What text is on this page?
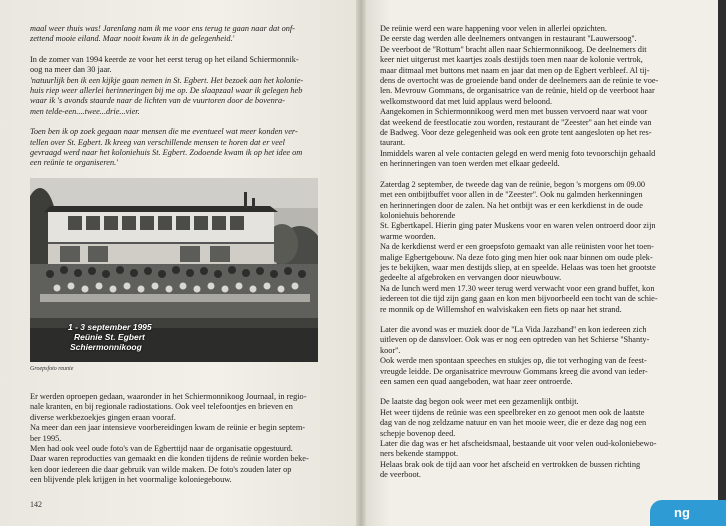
maal weer thuis was! Jarenlang nam ik me voor ens terug te gaan naar dat onf-
zettend mooie eiland. Maar nooit kwam ik in de gelegenheid.'
In de zomer van 1994 keerde ze voor het eerst terug op het eiland Schiermonnik-
oog na meer dan 30 jaar.
'natuurlijk ben ik een kijkje gaan nemen in St. Egbert. Het bezoek aan het kolonie-
huis riep weer allerlei herinneringen bij me op. De slaapzaal waar ik gelegen heb
waar ik 's avonds staarde naar de lichten van de vuurtoren door de bovenra-
men telde-een....twee...drie...vier.
Toen ben ik op zoek gegaan naar mensen die me eventueel wat meer konden ver-
tellen over St. Egbert. Ik kreeg van verschillende mensen te horen dat er veel
gevraagd werd naar het koloniehuis St. Egbert. Zodoende kwam ik op het idee om
een reünie te organiseren.'
1 - 3 september 1995
Reünie St. Egbert
Schiermonnikoog
Groepsfoto reunie
Er werden oproepen gedaan, waaronder in het Schiermonnikoog Journaal, in regio-
nale kranten, en bij regionale radiostations. Ook veel telefoontjes en brieven en
diverse werkbezoekjes gingen eraan vooraf.
Na meer dan een jaar intensieve voorbereidingen kwam de reünie er begin septem-
ber 1995.
Men had ook veel oude foto's van de Egberttijd naar de organisatie opgestuurd.
Daar waren reproducties van gemaakt en die konden tijdens de reünie worden beke-
ken door iedereen die daar gebruik van wilde maken. De foto's zouden later op
een blijvende plek krijgen in het voormalige koloniegebouw.
142
De reünie werd een ware happening voor velen in allerlei opzichten.
De eerste dag werden alle deelnemers ontvangen in restaurant ''Lauwersoog''.
De veerboot de ''Rottum'' bracht allen naar Schiermonnikoog. De deelnemers dit
keer niet uitgerust met kaartjes zoals destijds toen men naar de kolonie vertrok,
maar ditmaal met buttons met naam en jaar dat men op de Egbert verbleef. Al tij-
dens de overtocht was de groeiende band onder de deelnemers aan de reünie te voe-
len. Mevrouw Gommans, de organisatrice van de reünie, hield op de veerboot haar
welkomstwoord dat met luid applaus werd beloond.
Aangekomen in Schiermonnikoog werd men met bussen vervoerd naar wat voor
dat weekend de feestlocatie zou worden, restaurant de ''Zeester'' aan het einde van
de Badweg. Voor deze gelegenheid was ook een grote tent aangesloten op het res-
taurant.
Inmiddels waren al vele contacten gelegd en werd menig foto tevoorschijn gehaald
en herinneringen van toen werden met elkaar gedeeld.
Zaterdag 2 september, de tweede dag van de reünie, begon 's morgens om 09.00
met een ontbijtbuffet voor allen in de ''Zeester''. Ook nu galmden herkenningen
en herinneringen door de zalen. Na het ontbijt was er een kerkdienst in de oude
koloniehuis behorende
St. Egbertkapel. Hierin ging pater Muskens voor en waren velen ontroerd door zijn
warme woorden.
Na de kerkdienst werd er een groepsfoto gemaakt van alle reünisten voor het toen-
malige Egbertgebouw. Na deze foto ging men hier ook naar binnen om oude plek-
jes te bekijken, waar men destijds sliep, at en speelde. Helaas was toen het grootste
gedeelte al afgebroken en vervangen door nieuwbouw.
Na de lunch werd men 17.30 weer terug werd verwacht voor een grand buffet, kon
iedereen tot die tijd zijn gang gaan en kon men bijvoorbeeld een tocht van de schie-
re monnik op de Willemshof en walviskaken een fiets op naar het strand.
Later die avond was er muziek door de ''La Vida Jazzband'' en kon iedereen zich
uitleven op de dansvloer. Ook was er nog een optreden van het Schierse ''Shanty-
koor''.
Ook werde men spontaan speeches en stukjes op, die tot verhoging van de feest-
vreugde leidde. De organisatrice mevrouw Gommans kreeg die avond van ieder-
een samen een quad aangeboden, wat haar zeer ontroerde.
De laatste dag begon ook weer met een gezamenlijk ontbijt.
Het weer tijdens de reünie was een speelbreker en zo genoot men ook de laatste
dag van de nog zeldzame natuur en van het mooie weer, die er deze dag nog een
schepje bovenop deed.
Later die dag was er het afscheidsmaal, bestaande uit voor velen oud-koloniebewo-
ners bekende stamppot.
Helaas brak ook de tijd aan voor het afscheid en vertrokken de bussen richting
de veerboot.
ng
